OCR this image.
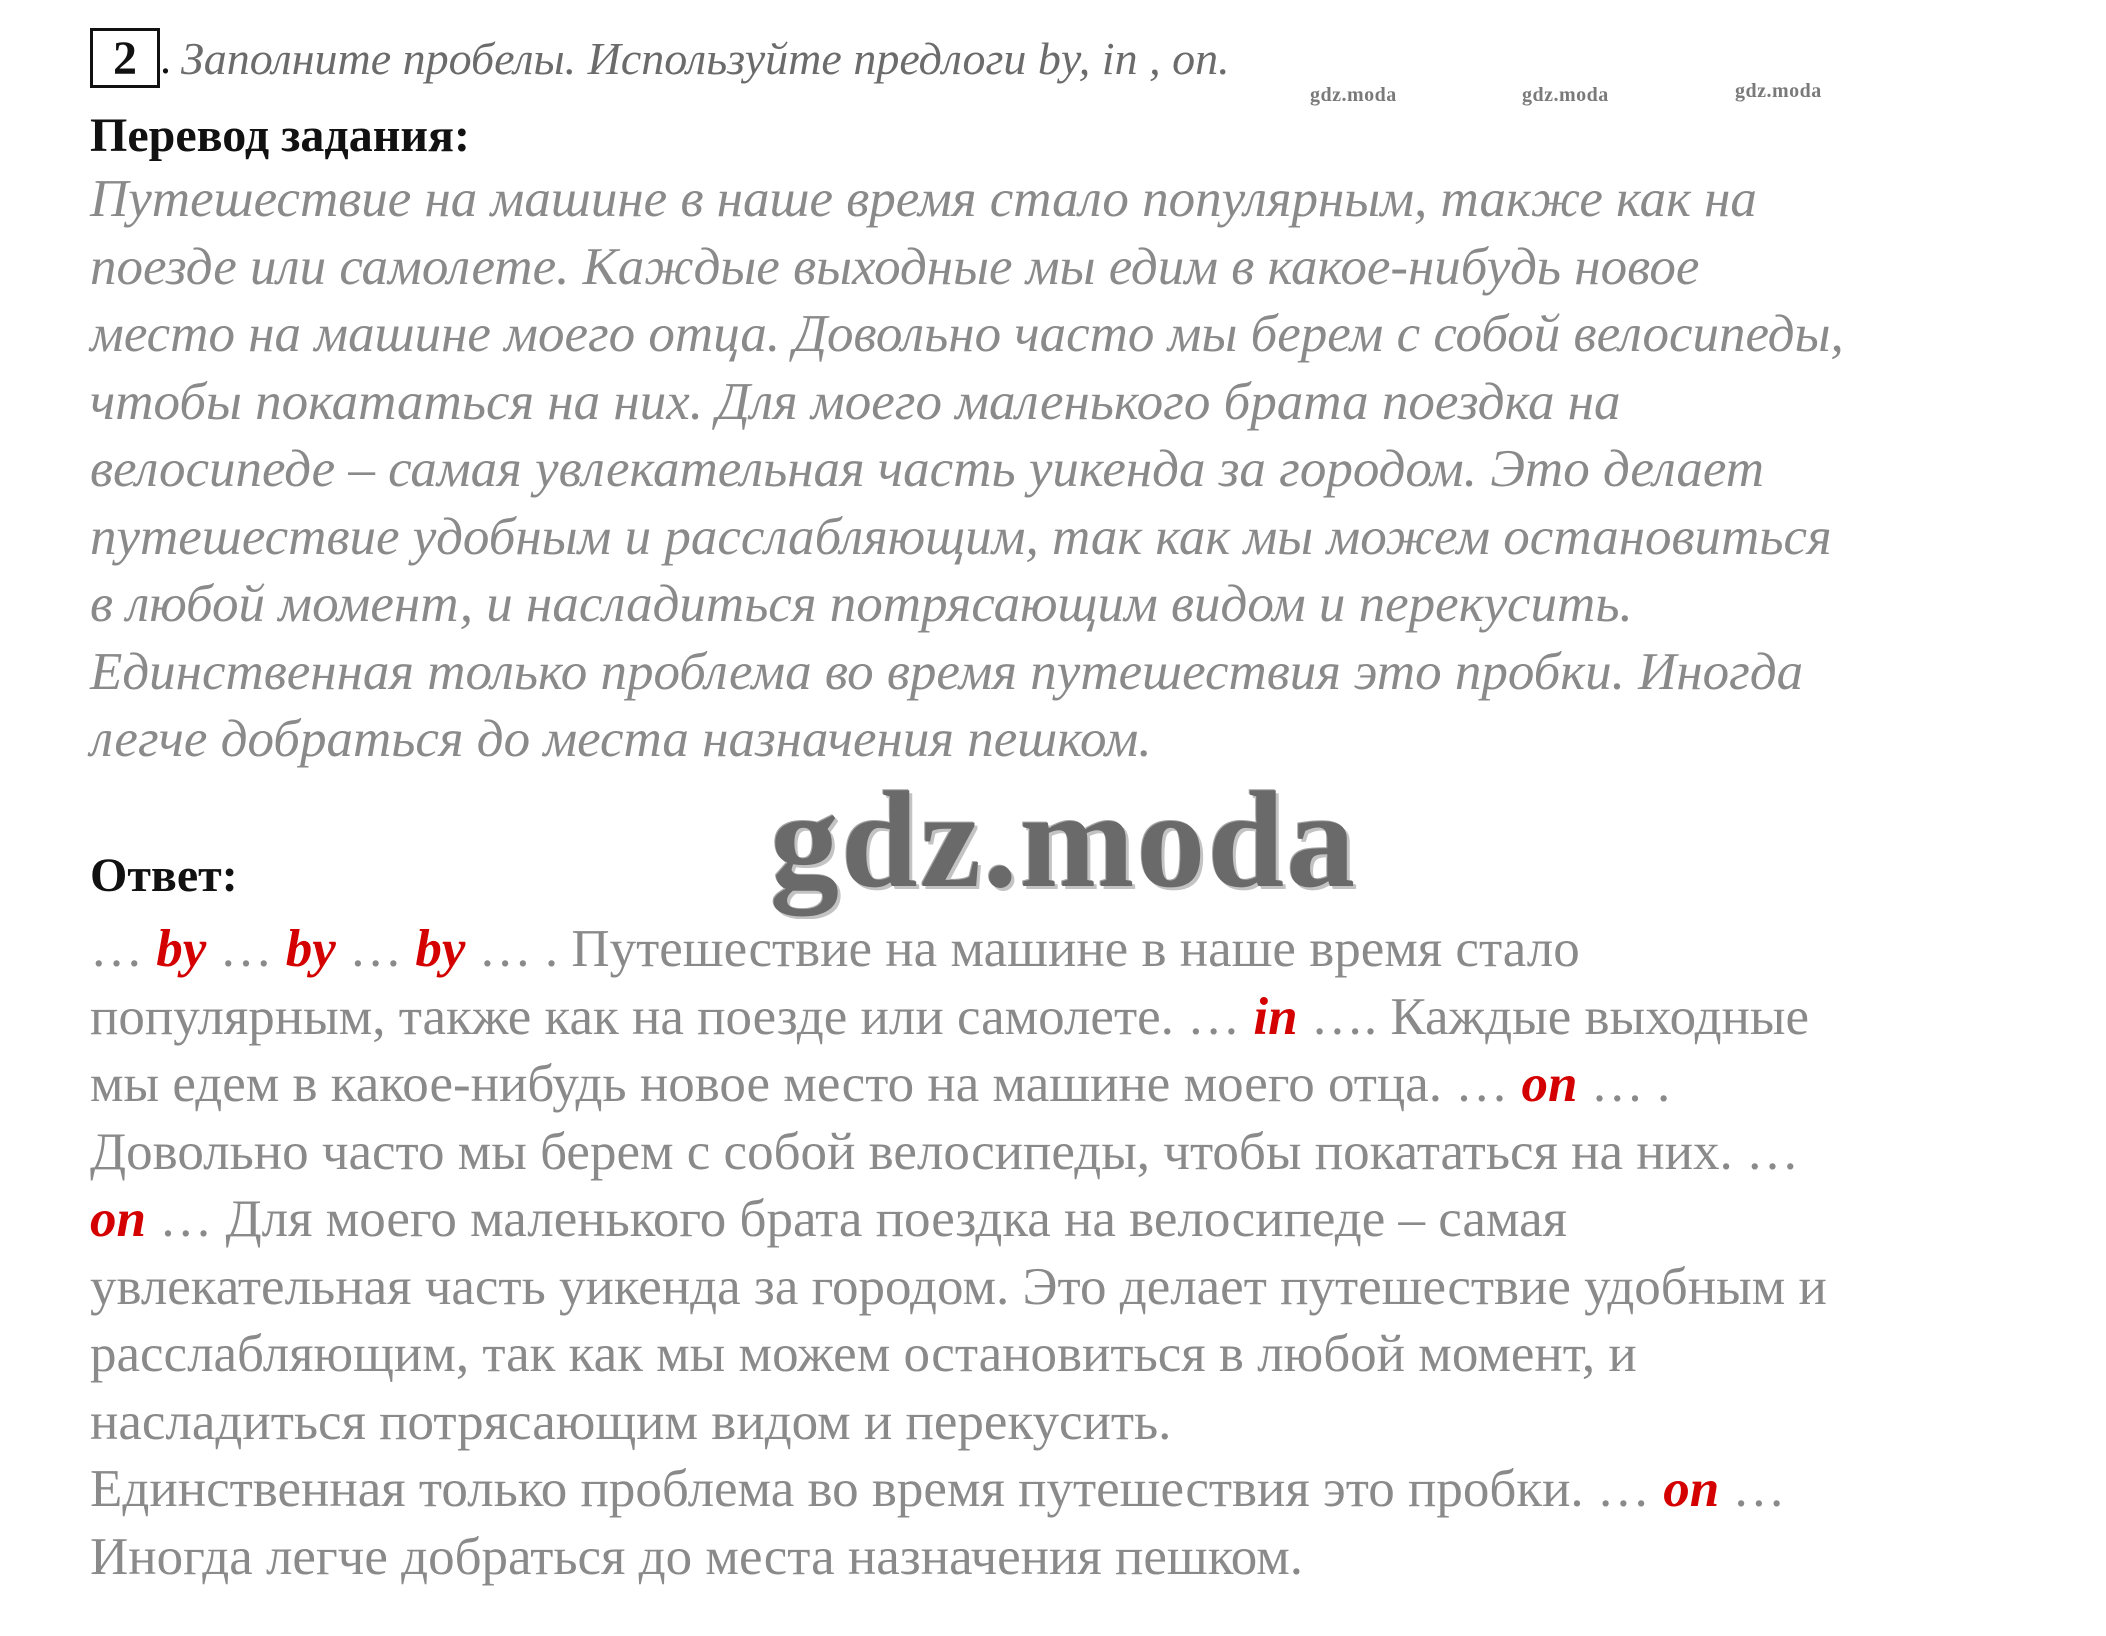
2 . Заполните пробелы. Используйте предлоги by, in , on.
gdz.moda	gdz.moda	gdz.moda
Перевод задания:

Путешествие на машине в наше время стало популярным, также как на
поезде или самолете. Каждые выходные мы едим в какое-нибудь новое
место на машине моего отца. Довольно часто мы берем с собой велосипеды,
чтобы покататься на них. Для моего маленького брата поездка на
велосипеде – самая увлекательная часть уикенда за городом. Это делает
путешествие удобным и расслабляющим, так как мы можем остановиться
в любой момент, и насладиться потрясающим видом и перекусить.
Единственная только проблема во время путешествия это пробки. Иногда
легче добраться до места назначения пешком.

gdz.moda
Ответ:

… by … by … by … . Путешествие на машине в наше время стало
популярным, также как на поезде или самолете. … in …. Каждые выходные
мы едем в какое-нибудь новое место на машине моего отца. … on … .
Довольно часто мы берем с собой велосипеды, чтобы покататься на них. …
on … Для моего маленького брата поездка на велосипеде – самая
увлекательная часть уикенда за городом. Это делает путешествие удобным и
расслабляющим, так как мы можем остановиться в любой момент, и
насладиться потрясающим видом и перекусить.
Единственная только проблема во время путешествия это пробки. … on …
Иногда легче добраться до места назначения пешком.
